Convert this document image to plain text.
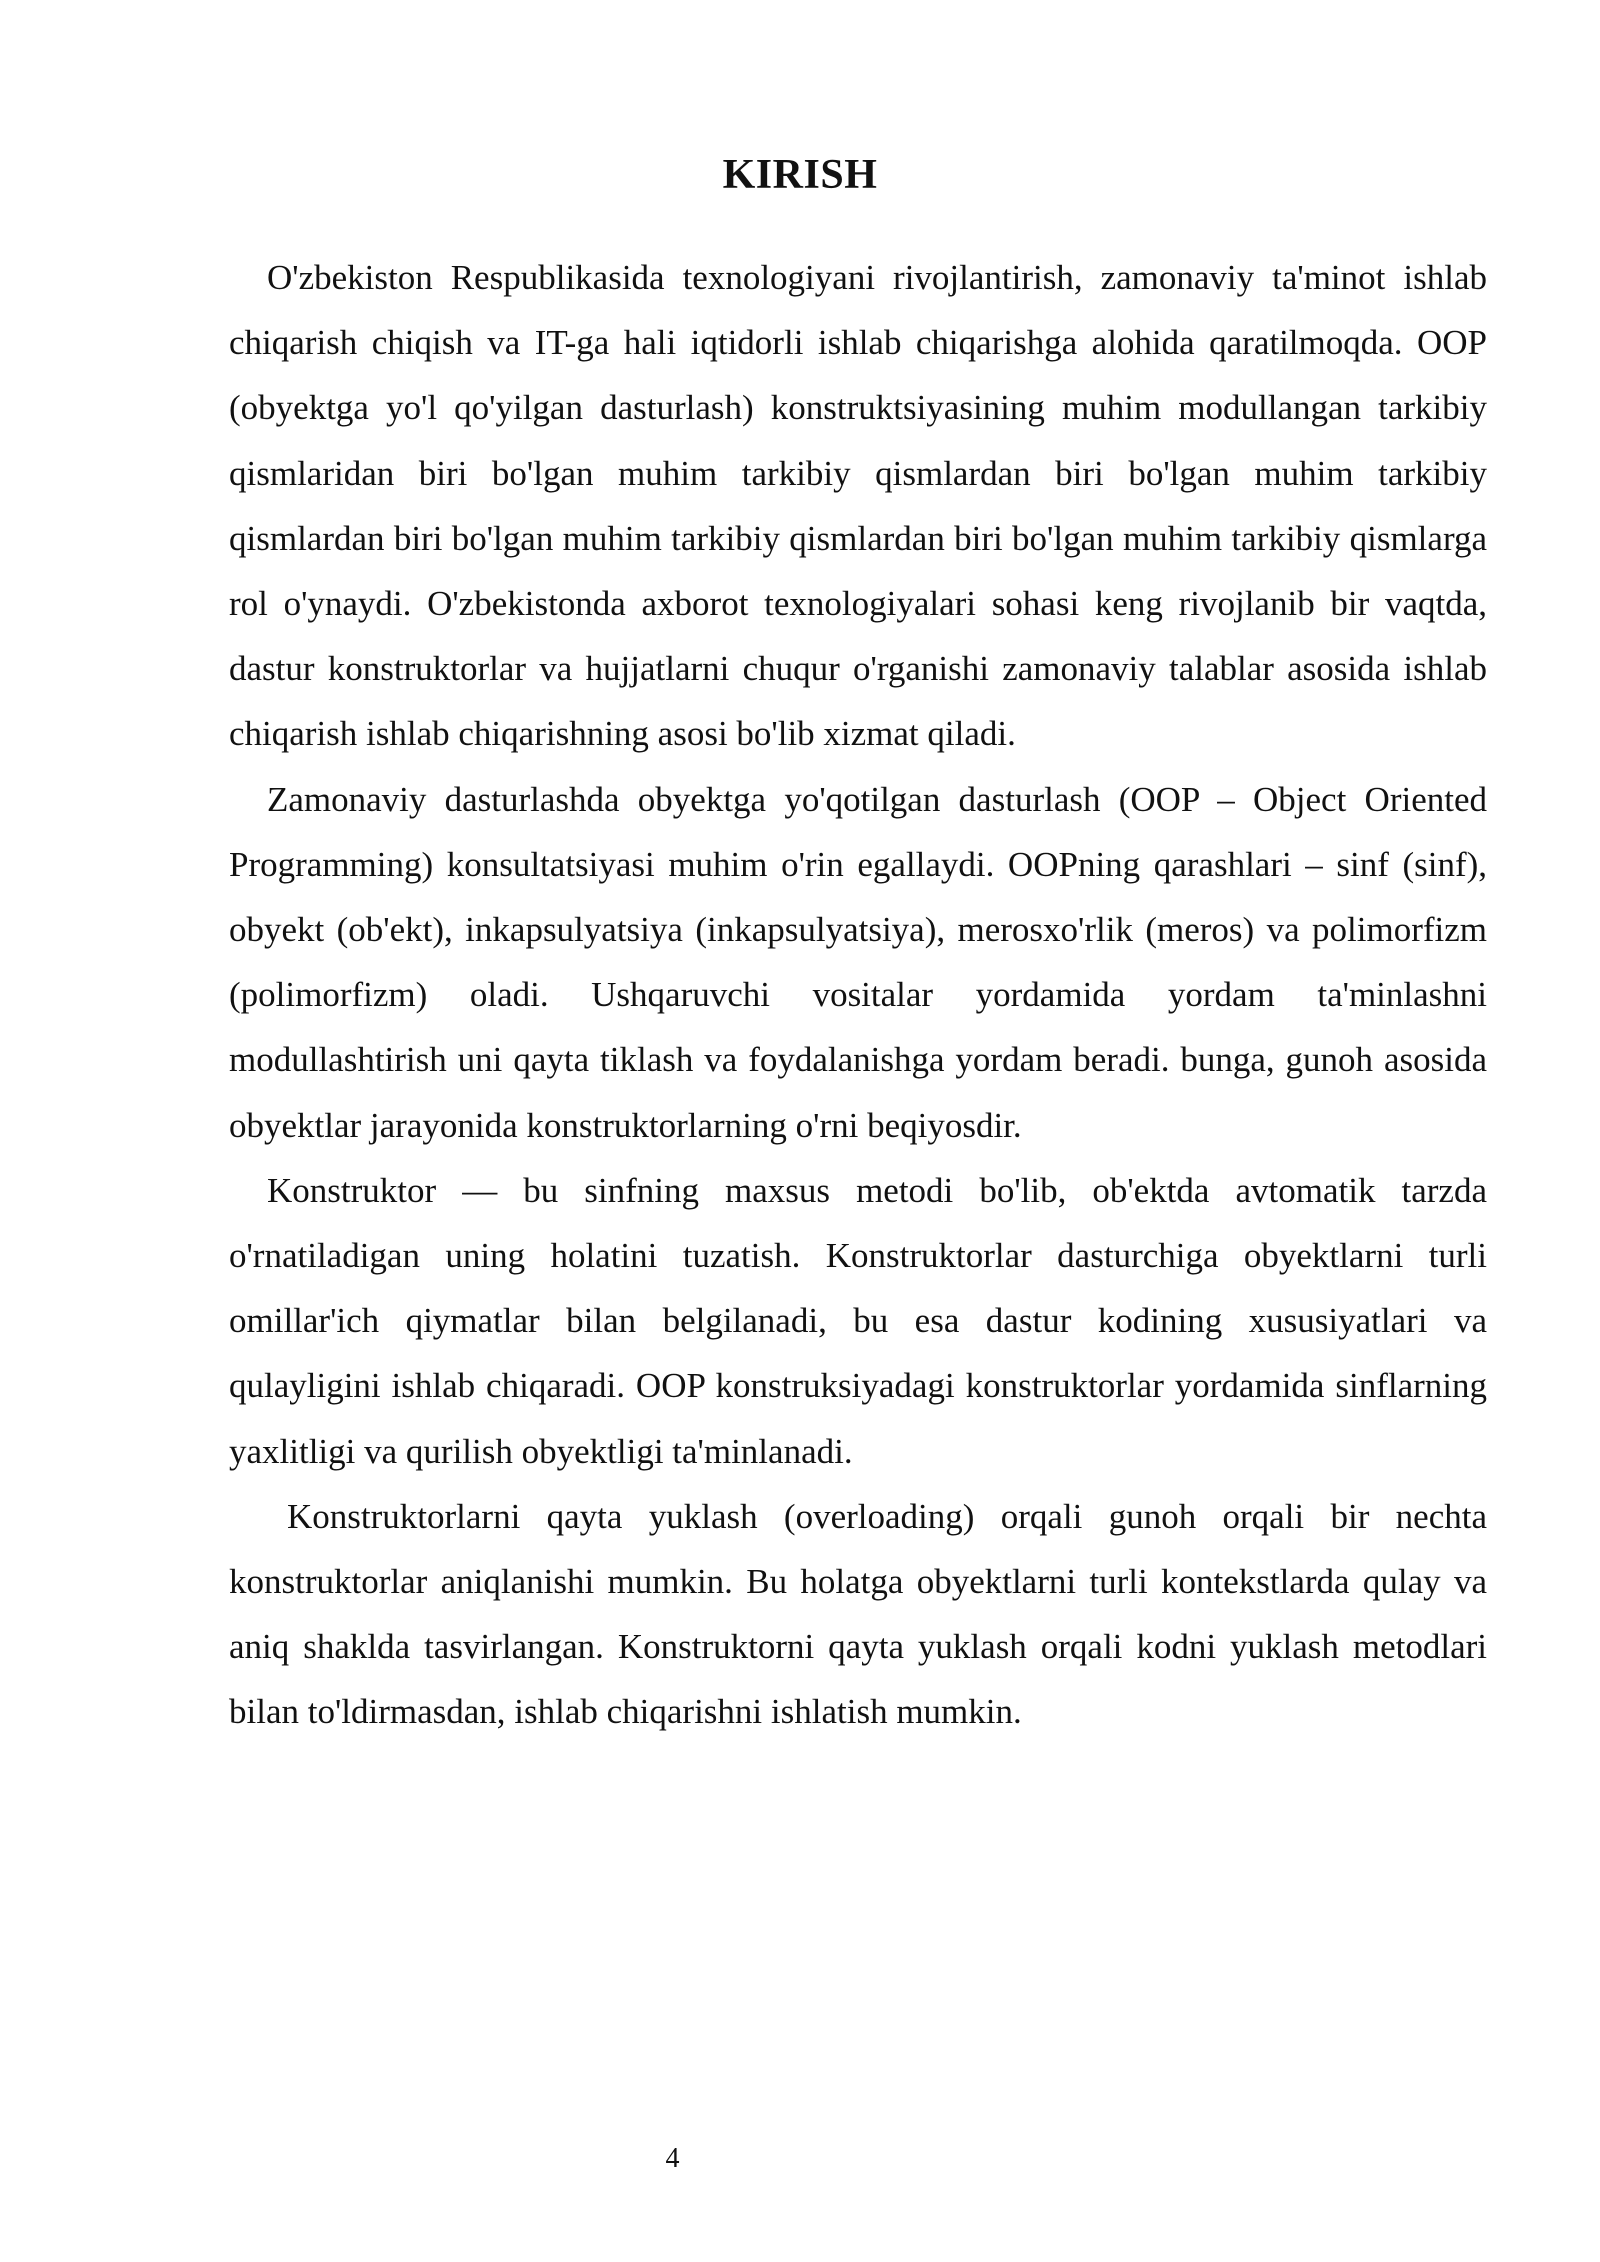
KIRISH

O'zbekiston Respublikasida texnologiyani rivojlantirish, zamonaviy ta'minot ishlab chiqarish chiqish va IT-ga hali iqtidorli ishlab chiqarishga alohida qaratilmoqda. OOP (obyektga yo'l qo'yilgan dasturlash) konstruktsiyasining muhim modullangan tarkibiy qismlaridan biri bo'lgan muhim tarkibiy qismlardan biri bo'lgan muhim tarkibiy qismlardan biri bo'lgan muhim tarkibiy qismlardan biri bo'lgan muhim tarkibiy qismlarga rol o'ynaydi. O'zbekistonda axborot texnologiyalari sohasi keng rivojlanib bir vaqtda, dastur konstruktorlar va hujjatlarni chuqur o'rganishi zamonaviy talablar asosida ishlab chiqarish ishlab chiqarishning asosi bo'lib xizmat qiladi.

Zamonaviy dasturlashda obyektga yo'qotilgan dasturlash (OOP – Object Oriented Programming) konsultatsiyasi muhim o'rin egallaydi. OOPning qarashlari – sinf (sinf), obyekt (ob'ekt), inkapsulyatsiya (inkapsulyatsiya), merosxo'rlik (meros) va polimorfizm (polimorfizm) oladi. Ushqaruvchi vositalar yordamida yordam ta'minlashni modullashtirish uni qayta tiklash va foydalanishga yordam beradi. bunga, gunoh asosida obyektlar jarayonida konstruktorlarning o'rni beqiyosdir.

Konstruktor — bu sinfning maxsus metodi bo'lib, ob'ektda avtomatik tarzda o'rnatiladigan uning holatini tuzatish. Konstruktorlar dasturchiga obyektlarni turli omillar'ich qiymatlar bilan belgilanadi, bu esa dastur kodining xususiyatlari va qulayligini ishlab chiqaradi. OOP konstruksiyadagi konstruktorlar yordamida sinflarning yaxlitligi va qurilish obyektligi ta'minlanadi.

Konstruktorlarni qayta yuklash (overloading) orqali gunoh orqali bir nechta konstruktorlar aniqlanishi mumkin. Bu holatga obyektlarni turli kontekstlarda qulay va aniq shaklda tasvirlangan. Konstruktorni qayta yuklash orqali kodni yuklash metodlari bilan to'ldirmasdan, ishlab chiqarishni ishlatish mumkin.

4
